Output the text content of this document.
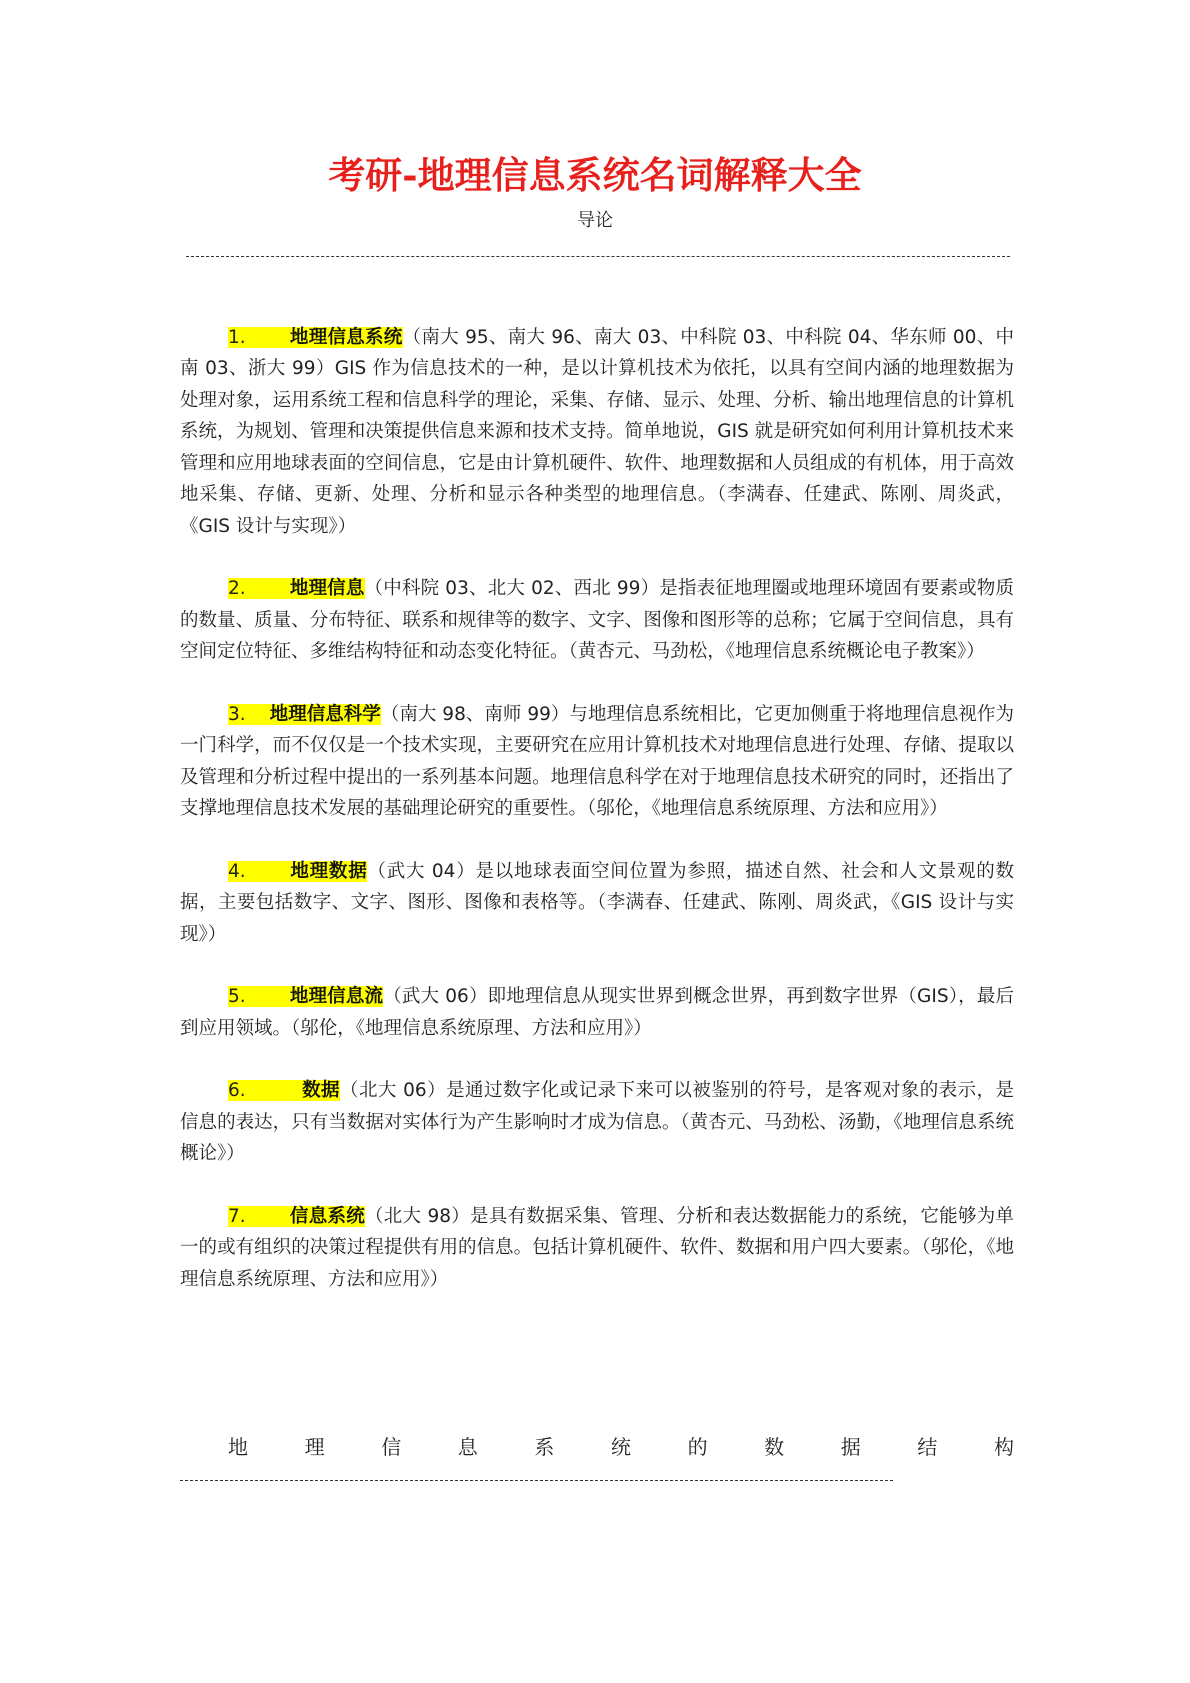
考研-地理信息系统名词解释大全
导论

1. 地理信息系统（南大 95、南大 96、南大 03、中科院 03、中科院 04、华东师 00、中南 03、浙大 99）GIS 作为信息技术的一种，是以计算机技术为依托，以具有空间内涵的地理数据为处理对象，运用系统工程和信息科学的理论，采集、存储、显示、处理、分析、输出地理信息的计算机系统，为规划、管理和决策提供信息来源和技术支持。简单地说，GIS 就是研究如何利用计算机技术来管理和应用地球表面的空间信息，它是由计算机硬件、软件、地理数据和人员组成的有机体，用于高效地采集、存储、更新、处理、分析和显示各种类型的地理信息。（李满春、任建武、陈刚、周炎武，《GIS 设计与实现》）

2. 地理信息（中科院 03、北大 02、西北 99）是指表征地理圈或地理环境固有要素或物质的数量、质量、分布特征、联系和规律等的数字、文字、图像和图形等的总称；它属于空间信息，具有空间定位特征、多维结构特征和动态变化特征。（黄杏元、马劲松，《地理信息系统概论电子教案》）

3. 地理信息科学（南大 98、南师 99）与地理信息系统相比，它更加侧重于将地理信息视作为一门科学，而不仅仅是一个技术实现，主要研究在应用计算机技术对地理信息进行处理、存储、提取以及管理和分析过程中提出的一系列基本问题。地理信息科学在对于地理信息技术研究的同时，还指出了支撑地理信息技术发展的基础理论研究的重要性。（邬伦，《地理信息系统原理、方法和应用》）

4. 地理数据（武大 04）是以地球表面空间位置为参照，描述自然、社会和人文景观的数据，主要包括数字、文字、图形、图像和表格等。（李满春、任建武、陈刚、周炎武，《GIS 设计与实现》）

5. 地理信息流（武大 06）即地理信息从现实世界到概念世界，再到数字世界（GIS），最后到应用领域。（邬伦，《地理信息系统原理、方法和应用》）

6.	数据（北大 06）是通过数字化或记录下来可以被鉴别的符号，是客观对象的表示，是信息的表达，只有当数据对实体行为产生影响时才成为信息。（黄杏元、马劲松、汤勤，《地理信息系统概论》）

7. 信息系统（北大 98）是具有数据采集、管理、分析和表达数据能力的系统，它能够为单一的或有组织的决策过程提供有用的信息。包括计算机硬件、软件、数据和用户四大要素。（邬伦，《地理信息系统原理、方法和应用》）

地	理	信	息	系	统	的	数	据	结	构
